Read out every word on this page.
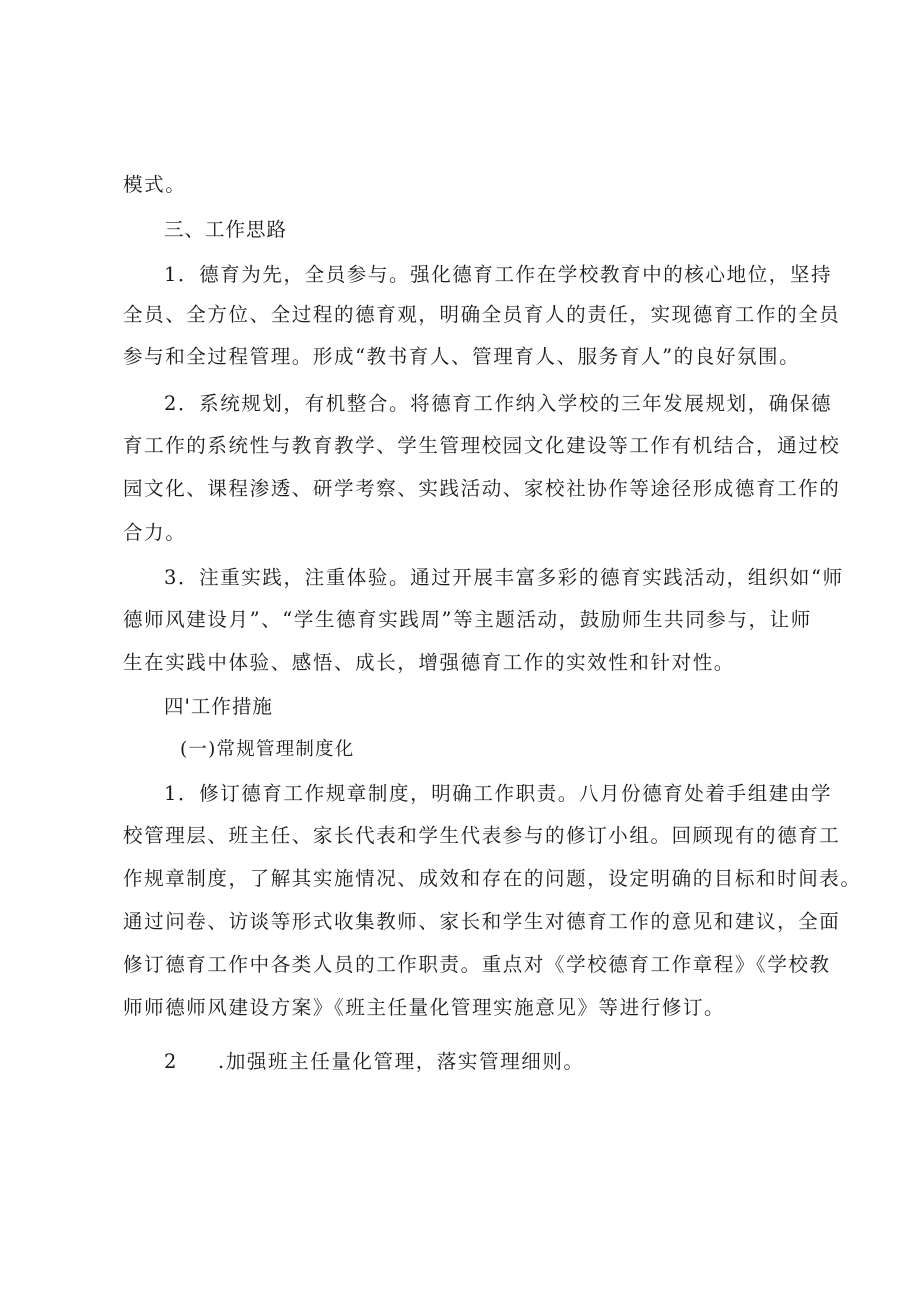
模式。
三、工作思路
1．德育为先，全员参与。强化德育工作在学校教育中的核心地位，坚持
全员、全方位、全过程的德育观，明确全员育人的责任，实现德育工作的全员
参与和全过程管理。形成“教书育人、管理育人、服务育人”的良好氛围。
2．系统规划，有机整合。将德育工作纳入学校的三年发展规划，确保德
育工作的系统性与教育教学、学生管理校园文化建设等工作有机结合，通过校
园文化、课程渗透、研学考察、实践活动、家校社协作等途径形成德育工作的
合力。
3．注重实践，注重体验。通过开展丰富多彩的德育实践活动，组织如“师
德师风建设月”、“学生德育实践周”等主题活动，鼓励师生共同参与，让师
生在实践中体验、感悟、成长，增强德育工作的实效性和针对性。
四'工作措施
(一)常规管理制度化
1．修订德育工作规章制度，明确工作职责。八月份德育处着手组建由学
校管理层、班主任、家长代表和学生代表参与的修订小组。回顾现有的德育工
作规章制度，了解其实施情况、成效和存在的问题，设定明确的目标和时间表。
通过问卷、访谈等形式收集教师、家长和学生对德育工作的意见和建议，全面
修订德育工作中各类人员的工作职责。重点对《学校德育工作章程》《学校教
师师德师风建设方案》《班主任量化管理实施意见》等进行修订。
2 .加强班主任量化管理，落实管理细则。
